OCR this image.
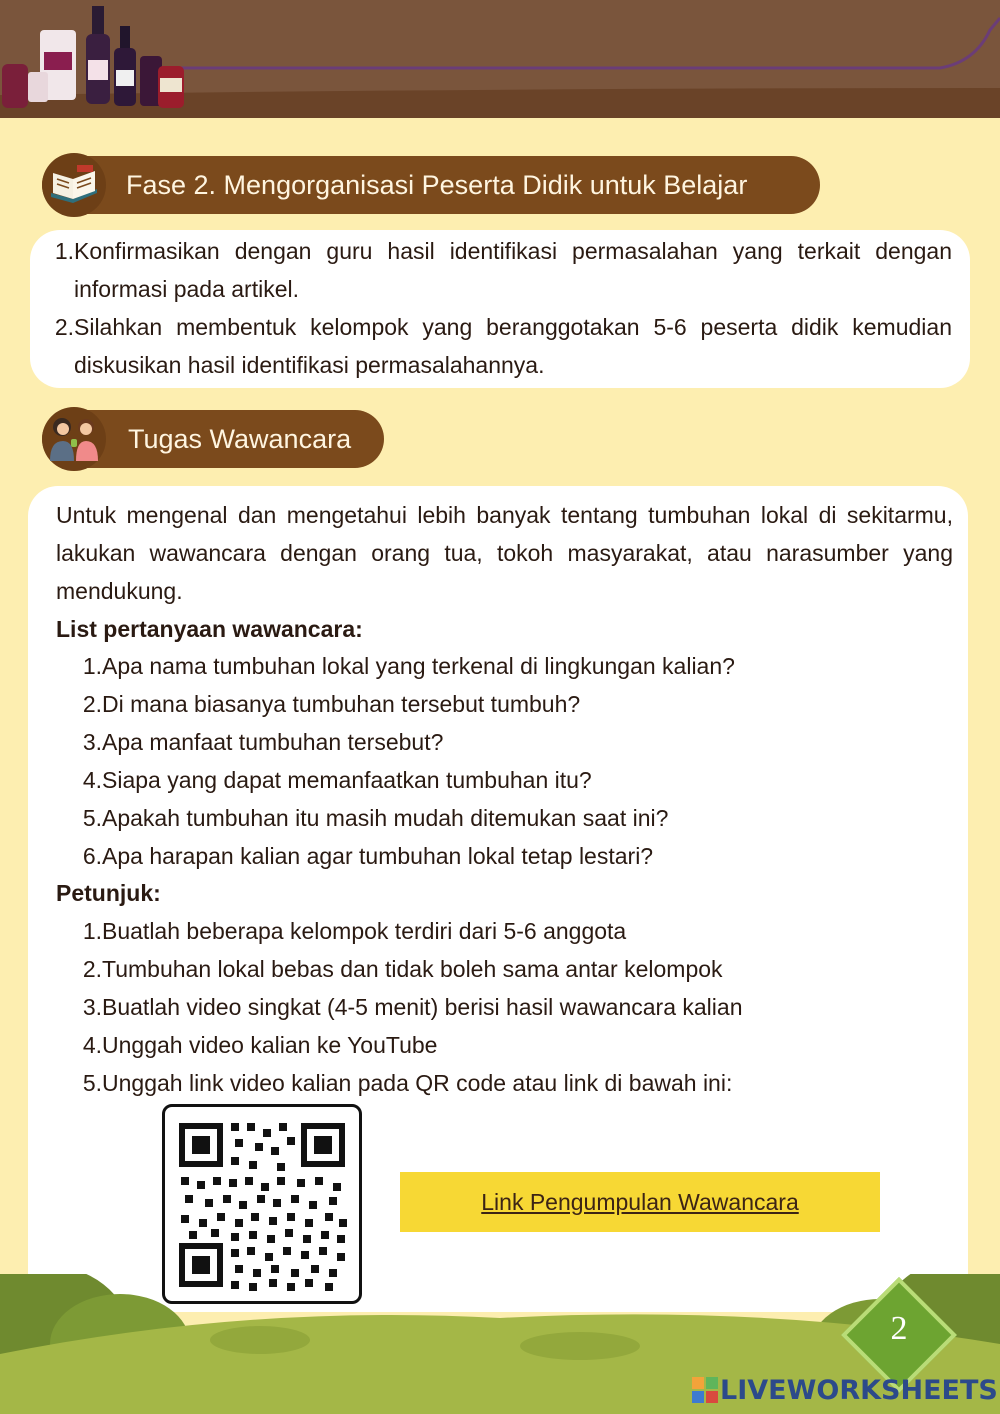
Fase 2. Mengorganisasi Peserta Didik untuk Belajar
1. Konfirmasikan dengan guru hasil identifikasi permasalahan yang terkait dengan informasi pada artikel.
2. Silahkan membentuk kelompok yang beranggotakan 5-6 peserta didik kemudian diskusikan hasil identifikasi permasalahannya.
Tugas Wawancara

Untuk mengenal dan mengetahui lebih banyak tentang tumbuhan lokal di sekitarmu, lakukan wawancara dengan orang tua, tokoh masyarakat, atau narasumber yang mendukung.

List pertanyaan wawancara:

1. Apa nama tumbuhan lokal yang terkenal di lingkungan kalian?
2. Di mana biasanya tumbuhan tersebut tumbuh?
3. Apa manfaat tumbuhan tersebut?
4. Siapa yang dapat memanfaatkan tumbuhan itu?
5. Apakah tumbuhan itu masih mudah ditemukan saat ini?
6. Apa harapan kalian agar tumbuhan lokal tetap lestari?

Petunjuk:

1. Buatlah beberapa kelompok terdiri dari 5-6 anggota
2. Tumbuhan lokal bebas dan tidak boleh sama antar kelompok
3. Buatlah video singkat (4-5 menit) berisi hasil wawancara kalian
4. Unggah video kalian ke YouTube
5. Unggah link video kalian pada QR code atau link di bawah ini:
Link Pengumpulan Wawancara
2
LIVEWORKSHEETS
